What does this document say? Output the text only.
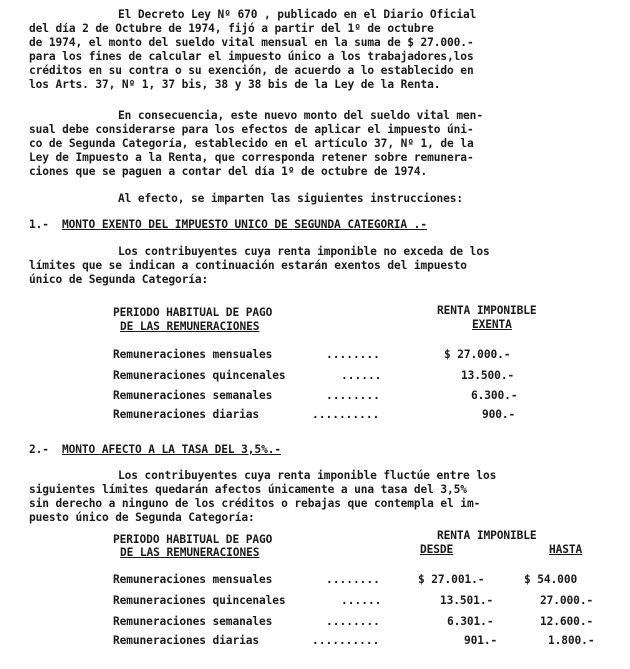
El Decreto Ley Nº 670 , publicado en el Diario Oficial
del día 2 de Octubre de 1974, fijó a partir del 1º de octubre
de 1974, el monto del sueldo vital mensual en la suma de $ 27.000.-
para los fines de calcular el impuesto único a los trabajadores,los
créditos en su contra o su exención, de acuerdo a lo establecido en
los Arts. 37, Nº 1, 37 bis, 38 y 38 bis de la Ley de la Renta.
En consecuencia, este nuevo monto del sueldo vital men-
sual debe considerarse para los efectos de aplicar el impuesto úni-
co de Segunda Categoría, establecido en el artículo 37, Nº 1, de la
Ley de Impuesto a la Renta, que corresponda retener sobre remunera-
ciones que se paguen a contar del día 1º de octubre de 1974.
Al efecto, se imparten las siguientes instrucciones:
1.- MONTO EXENTO DEL IMPUESTO UNICO DE SEGUNDA CATEGORIA .-
Los contribuyentes cuya renta imponible no exceda de los
límites que se indican a continuación estarán exentos del impuesto
único de Segunda Categoría:
PERIODO HABITUAL DE PAGO
DE LAS REMUNERACIONES
RENTA IMPONIBLE
EXENTA
Remuneraciones mensuales	........	$ 27.000.-
Remuneraciones quincenales	......	13.500.-
Remuneraciones semanales	........	6.300.-
Remuneraciones diarias	..........	900.-
2.- MONTO AFECTO A LA TASA DEL 3,5%.-
Los contribuyentes cuya renta imponible fluctúe entre los
siguientes límites quedarán afectos únicamente a una tasa del 3,5%
sin derecho a ninguno de los créditos o rebajas que contempla el im-
puesto único de Segunda Categoría:
PERIODO HABITUAL DE PAGO
DE LAS REMUNERACIONES
RENTA IMPONIBLE
DESDE	HASTA
Remuneraciones mensuales	........	$ 27.001.-	$ 54.000
Remuneraciones quincenales	......	13.501.-	27.000.-
Remuneraciones semanales	........	6.301.-	12.600.-
Remuneraciones diarias	..........	901.-	1.800.-
